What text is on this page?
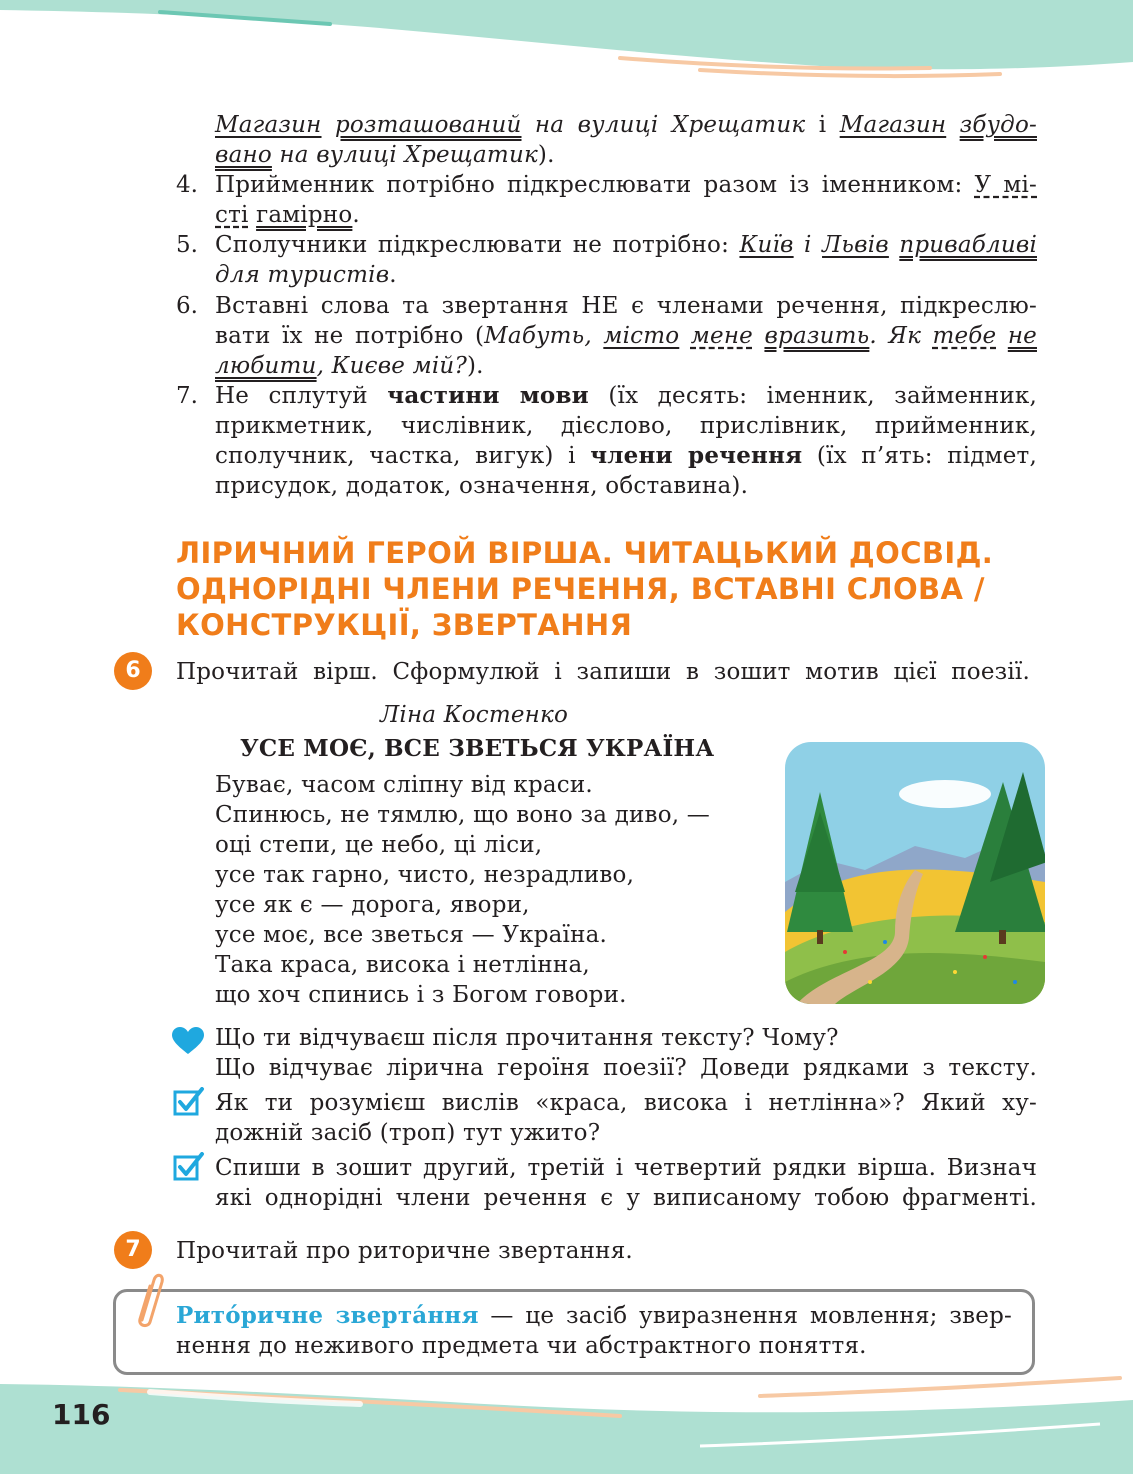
Магазин розташований на вулиці Хрещатик і Магазин збудо-
вано на вулиці Хрещатик).
4. Прийменник потрібно підкреслювати разом із іменником: У мі-
сті гамірно.
5. Сполучники підкреслювати не потрібно: Київ і Львів привабливі
для туристів.
6. Вставні слова та звертання НЕ є членами речення, підкреслю-
вати їх не потрібно (Мабуть, місто мене вразить. Як тебе не
любити, Києве мій?).
7. Не сплутуй частини мови (їх десять: іменник, займенник,
прикметник, числівник, дієслово, прислівник, прийменник,
сполучник, частка, вигук) і члени речення (їх п’ять: підмет,
присудок, додаток, означення, обставина).
ЛІРИЧНИЙ ГЕРОЙ ВІРША. ЧИТАЦЬКИЙ ДОСВІД.
ОДНОРІДНІ ЧЛЕНИ РЕЧЕННЯ, ВСТАВНІ СЛОВА /
КОНСТРУКЦІЇ, ЗВЕРТАННЯ
6	Прочитай вірш. Сформулюй і запиши в зошит мотив цієї поезії.
Ліна Костенко
УСЕ МОЄ, ВСЕ ЗВЕТЬСЯ УКРАЇНА
Буває, часом сліпну від краси.
Спинюсь, не тямлю, що воно за диво, —
оці степи, це небо, ці ліси,
усе так гарно, чисто, незрадливо,
усе як є — дорога, явори,
усе моє, все зветься — Україна.
Така краса, висока і нетлінна,
що хоч спинись і з Богом говори.
Що ти відчуваєш після прочитання тексту? Чому?
Що відчуває лірична героїня поезії? Доведи рядками з тексту.
Як ти розумієш вислів «краса, висока і нетлінна»? Який ху-
дожній засіб (троп) тут ужито?
Спиши в зошит другий, третій і четвертий рядки вірша. Визнач
які однорідні члени речення є у виписаному тобою фрагменті.
7	Прочитай про риторичне звертання.
Рито́ричне зверта́ння — це засіб увиразнення мовлення; звер-
нення до неживого предмета чи абстрактного поняття.
116
